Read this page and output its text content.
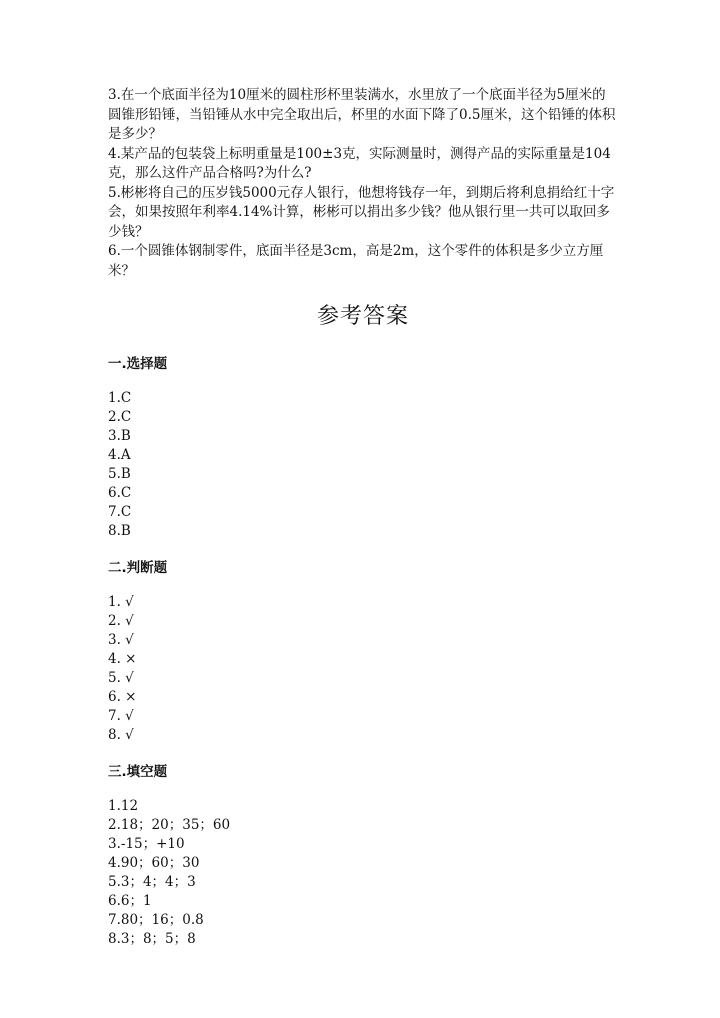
3.在一个底面半径为10厘米的圆柱形杯里装满水，水里放了一个底面半径为5厘米的圆锥形铅锤，当铅锤从水中完全取出后，杯里的水面下降了0.5厘米，这个铅锤的体积是多少？

4.某产品的包装袋上标明重量是100±3克，实际测量时，测得产品的实际重量是104克，那么这件产品合格吗?为什么?

5.彬彬将自己的压岁钱5000元存人银行，他想将钱存一年，到期后将利息捐给红十字会，如果按照年利率4.14%计算，彬彬可以捐出多少钱？他从银行里一共可以取回多少钱？

6.一个圆锥体钢制零件，底面半径是3cm，高是2m，这个零件的体积是多少立方厘米？

参考答案
一.选择题
1.C
2.C
3.B
4.A
5.B
6.C
7.C
8.B
二.判断题
1. √
2. √
3. √
4. ×
5. √
6. ×
7. √
8. √
三.填空题
1.12
2.18；20；35；60
3.-15；+10
4.90；60；30
5.3；4；4；3
6.6；1
7.80；16；0.8
8.3；8；5；8
